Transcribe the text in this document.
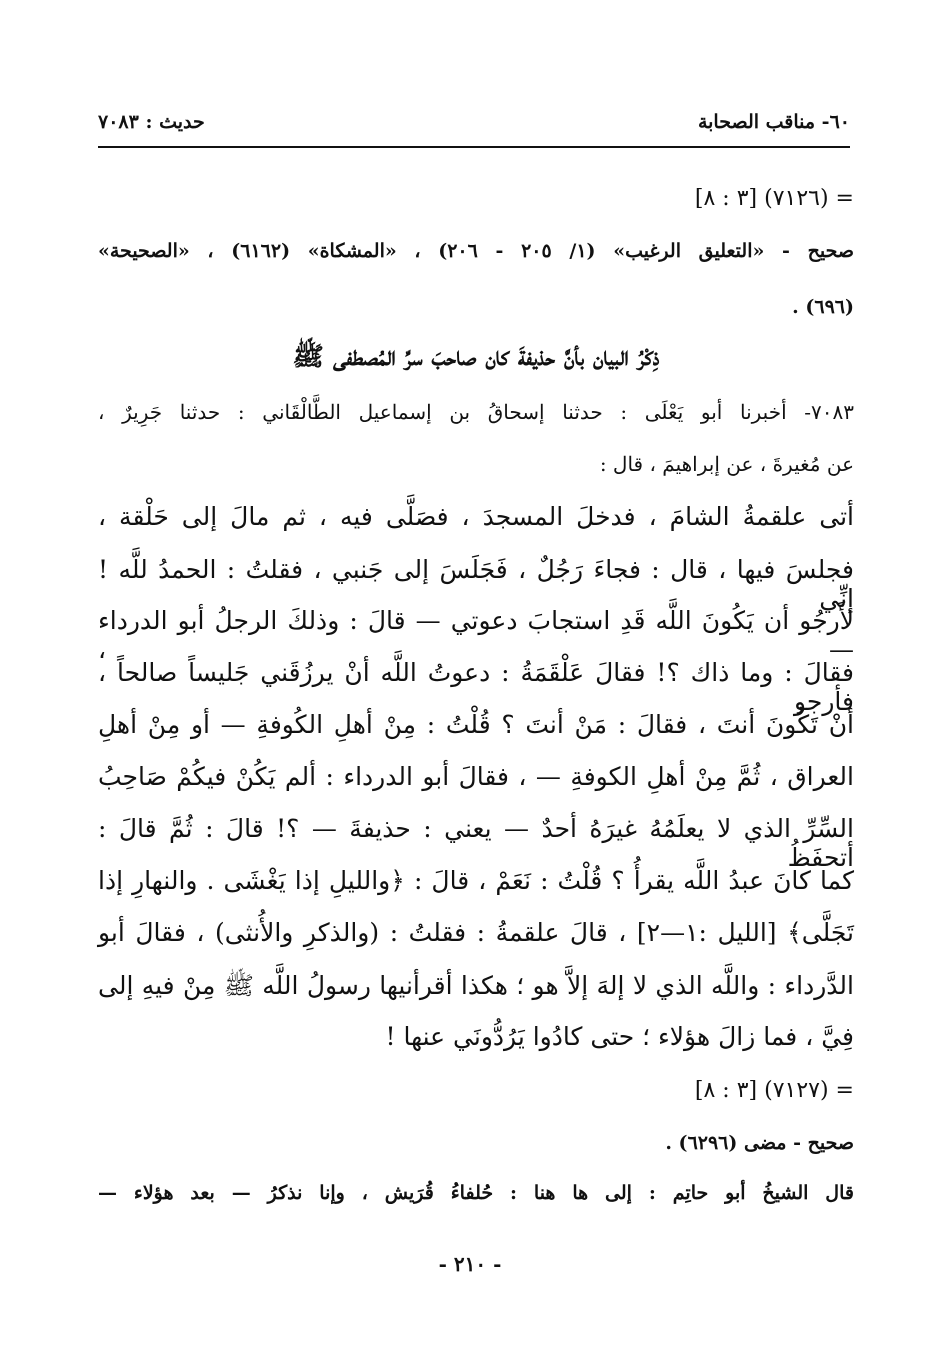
٦٠- مناقب الصحابة
حديث : ٧٠٨٣
= (٧١٢٦) [٣ : ٨]
صحيح - «التعليق الرغيب» (١/ ٢٠٥ - ٢٠٦) ، «المشكاة» (٦١٦٢) ، «الصحيحة»
(٦٩٦) .
ذِكْرُ البيان بأنَّ حذيفةَ كان صاحبَ سرِّ المُصطفى ﷺ
٧٠٨٣- أخبرنا أبو يَعْلَى : حدثنا إسحاقُ بن إسماعيل الطَّالْقَاني : حدثنا جَرِيرٌ ،
عن مُغيرةَ ، عن إبراهيمَ ، قال :
أتى علقمةُ الشامَ ، فدخلَ المسجدَ ، فصَلَّى فيه ، ثم مالَ إلى حَلْقة ،
فجلسَ فيها ، قال : فجاءَ رَجُلٌ ، فَجَلَسَ إلى جَنبي ، فقلتُ : الحمدُ للَّه ! إنِّي
لأَرجُو أن يَكُونَ اللَّه قَدِ استجابَ دعوتي — قالَ : وذلكَ الرجلُ أبو الدرداء — ،
فقالَ : وما ذاك ؟! فقالَ عَلْقَمَةُ : دعوتُ اللَّه أنْ يرزُقَني جَليساً صالحاً ، فأرجو
أنْ تَكُونَ أنتَ ، فقالَ : مَنْ أنتَ ؟ قُلْتُ : مِنْ أهلِ الكُوفةِ — أو مِنْ أهلِ
العراق ، ثُمَّ مِنْ أهلِ الكوفةِ — ، فقالَ أبو الدرداء : ألم يَكُنْ فيكُمْ صَاحِبُ
السِّرِّ الذي لا يعلَمُهُ غيرَهُ أحدٌ — يعني : حذيفةَ — ؟! قالَ : ثُمَّ قالَ : أتحفَظُ
كما كانَ عبدُ اللَّه يقرأُ ؟ قُلْتُ : نَعَمْ ، قالَ : ﴿والليلِ إذا يَغْشَى . والنهارِ إذا
تَجَلَّى﴾ [الليل :١—٢] ، قالَ علقمةُ : فقلتُ : (والذكرِ والأُنثى) ، فقالَ أبو
الدَّرداء : واللَّه الذي لا إلهَ إلاَّ هو ؛ هكذا أقرأنيها رسولُ اللَّه ﷺ مِنْ فيهِ إلى
فِيَّ ، فما زالَ هؤلاء ؛ حتى كادُوا يَرُدُّونَي عنها !
= (٧١٢٧) [٣ : ٨]
صحيح - مضى (٦٢٩٦) .
قال الشيخُ أبو حاتِم : إلى ها هنا : حُلفاءُ قُرَيش ، وإنا نذكرُ — بعد هؤلاء —
- ٢١٠ -
